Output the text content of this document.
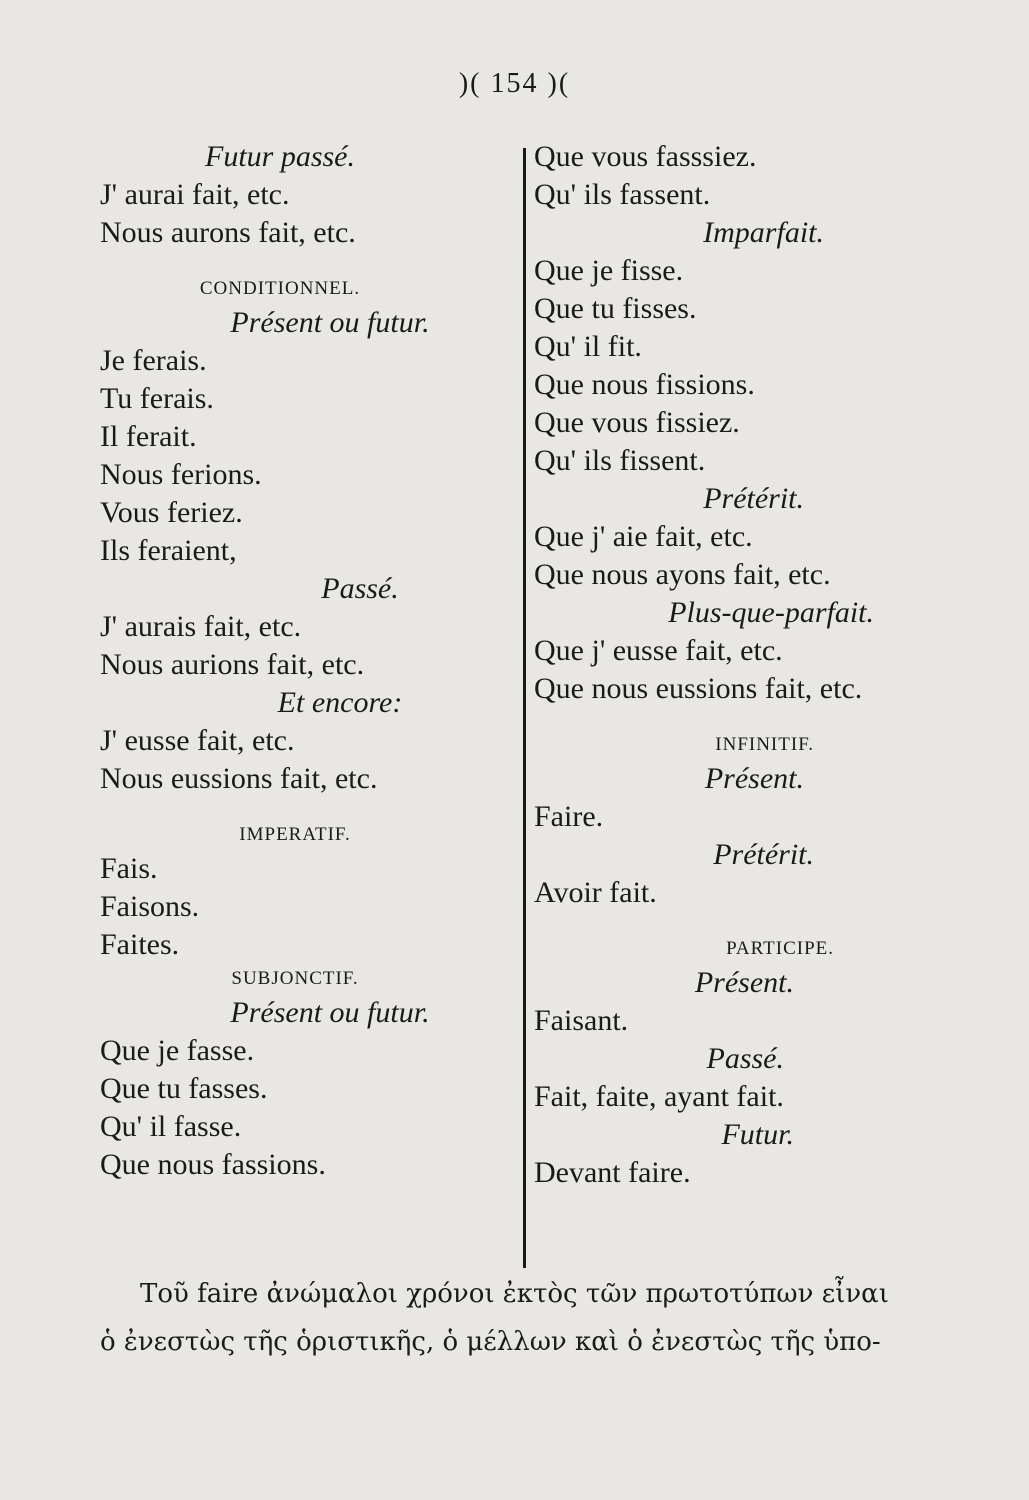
)( 154 )(
Futur passé.
J' aurai fait, etc.
Nous aurons fait, etc.
CONDITIONNEL.
Présent ou futur.
Je ferais.
Tu ferais.
Il ferait.
Nous ferions.
Vous feriez.
Ils feraient,
Passé.
J' aurais fait, etc.
Nous aurions fait, etc.
Et encore:
J' eusse fait, etc.
Nous eussions fait, etc.
IMPERATIF.
Fais.
Faisons.
Faites.
SUBJONCTIF.
Présent ou futur.
Que je fasse.
Que tu fasses.
Qu' il fasse.
Que nous fassions.
Que vous fasssiez.
Qu' ils fassent.
Imparfait.
Que je fisse.
Que tu fisses.
Qu' il fit.
Que nous fissions.
Que vous fissiez.
Qu' ils fissent.
Prétérit.
Que j' aie fait, etc.
Que nous ayons fait, etc.
Plus-que-parfait.
Que j' eusse fait, etc.
Que nous eussions fait, etc.
INFINITIF.
Présent.
Faire.
Prétérit.
Avoir fait.
PARTICIPE.
Présent.
Faisant.
Passé.
Fait, faite, ayant fait.
Futur.
Devant faire.
Τοῦ faire ἀνώμαλοι χρόνοι ἐκτὸς τῶν πρωτοτύπων εἶναι
ὁ ἐνεστὼς τῆς ὁριστικῆς, ὁ μέλλων καὶ ὁ ἐνεστὼς τῆς ὑπο-
